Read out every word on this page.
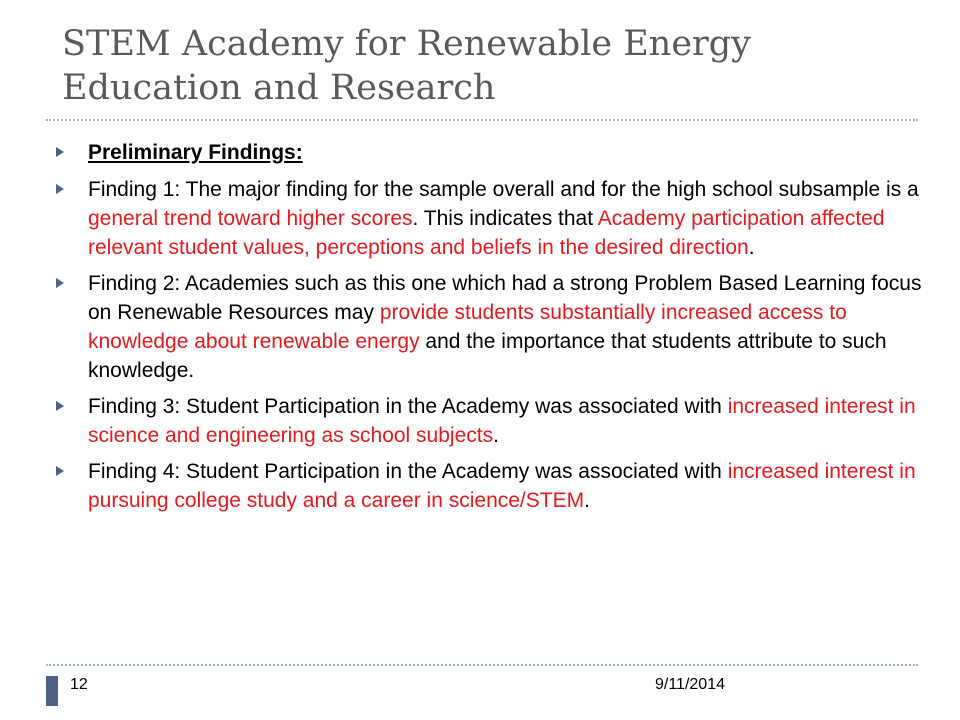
STEM Academy for Renewable Energy
Education and Research
Preliminary Findings:
Finding 1: The major finding for the sample overall and for the high school subsample is a general trend toward higher scores. This indicates that Academy participation affected relevant student values, perceptions and beliefs in the desired direction.
Finding 2: Academies such as this one which had a strong Problem Based Learning focus on Renewable Resources may provide students substantially increased access to knowledge about renewable energy and the importance that students attribute to such knowledge.
Finding 3: Student Participation in the Academy was associated with increased interest in science and engineering as school subjects.
Finding 4: Student Participation in the Academy was associated with increased interest in pursuing college study and a career in science/STEM.
12	9/11/2014
